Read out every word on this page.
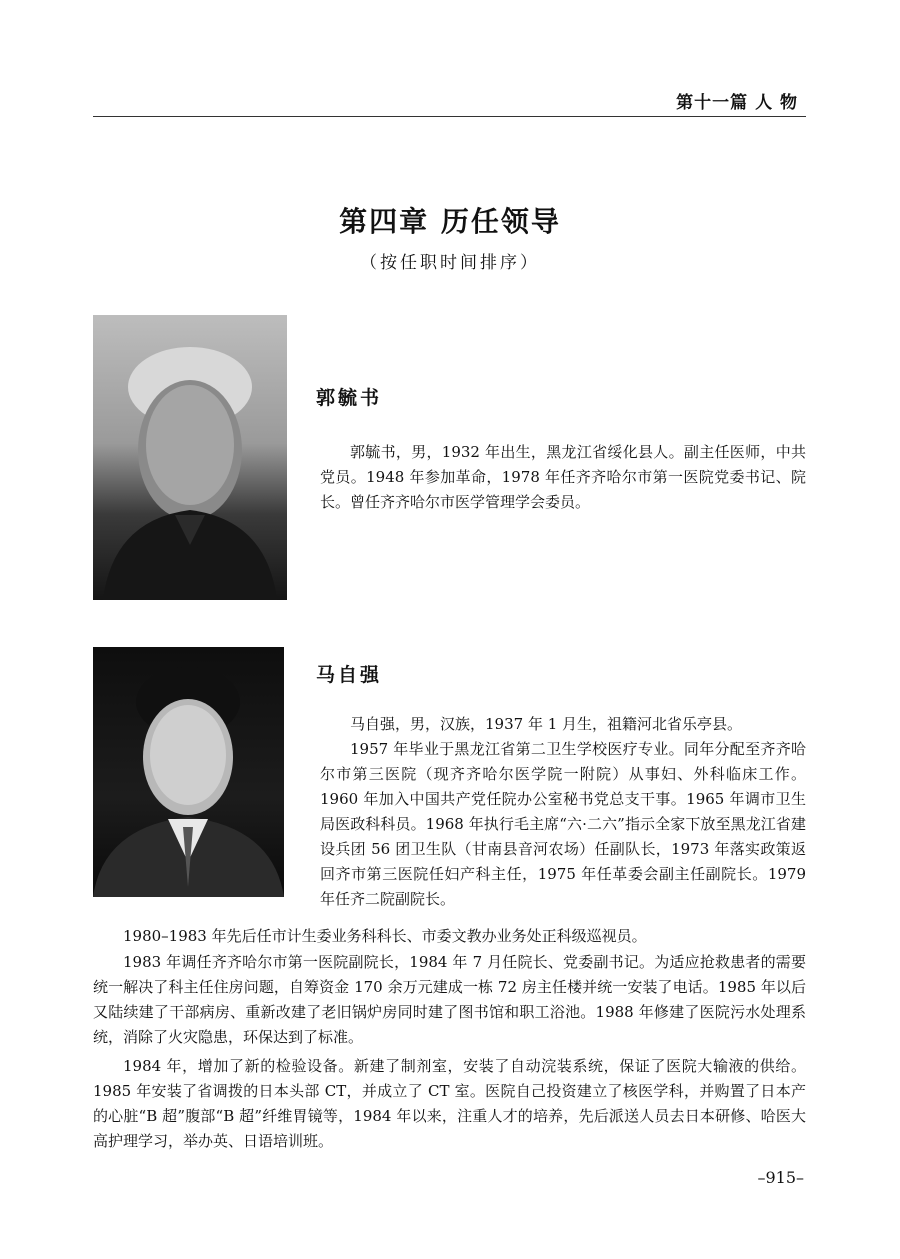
第十一篇 人 物
第四章 历任领导
（按任职时间排序）
郭毓书

郭毓书，男，1932 年出生，黑龙江省绥化县人。副主任医师，中共党员。1948 年参加革命，1978 年任齐齐哈尔市第一医院党委书记、院长。曾任齐齐哈尔市医学管理学会委员。

马自强

马自强，男，汉族，1937 年 1 月生，祖籍河北省乐亭县。

1957 年毕业于黑龙江省第二卫生学校医疗专业。同年分配至齐齐哈尔市第三医院（现齐齐哈尔医学院一附院）从事妇、外科临床工作。1960 年加入中国共产党任院办公室秘书党总支干事。1965 年调市卫生局医政科科员。1968 年执行毛主席“六·二六”指示全家下放至黑龙江省建设兵团 56 团卫生队（甘南县音河农场）任副队长，1973 年落实政策返回齐市第三医院任妇产科主任，1975 年任革委会副主任副院长。1979 年任齐二院副院长。

1980–1983 年先后任市计生委业务科科长、市委文教办业务处正科级巡视员。

1983 年调任齐齐哈尔市第一医院副院长，1984 年 7 月任院长、党委副书记。为适应抢救患者的需要统一解决了科主任住房问题，自筹资金 170 余万元建成一栋 72 房主任楼并统一安装了电话。1985 年以后又陆续建了干部病房、重新改建了老旧锅炉房同时建了图书馆和职工浴池。1988 年修建了医院污水处理系统，消除了火灾隐患，环保达到了标准。

1984 年，增加了新的检验设备。新建了制剂室，安装了自动浣装系统，保证了医院大输液的供给。1985 年安装了省调拨的日本头部 CT，并成立了 CT 室。医院自己投资建立了核医学科，并购置了日本产的心脏“B 超”腹部“B 超”纤维胃镜等，1984 年以来，注重人才的培养，先后派送人员去日本研修、哈医大高护理学习，举办英、日语培训班。

–915–
